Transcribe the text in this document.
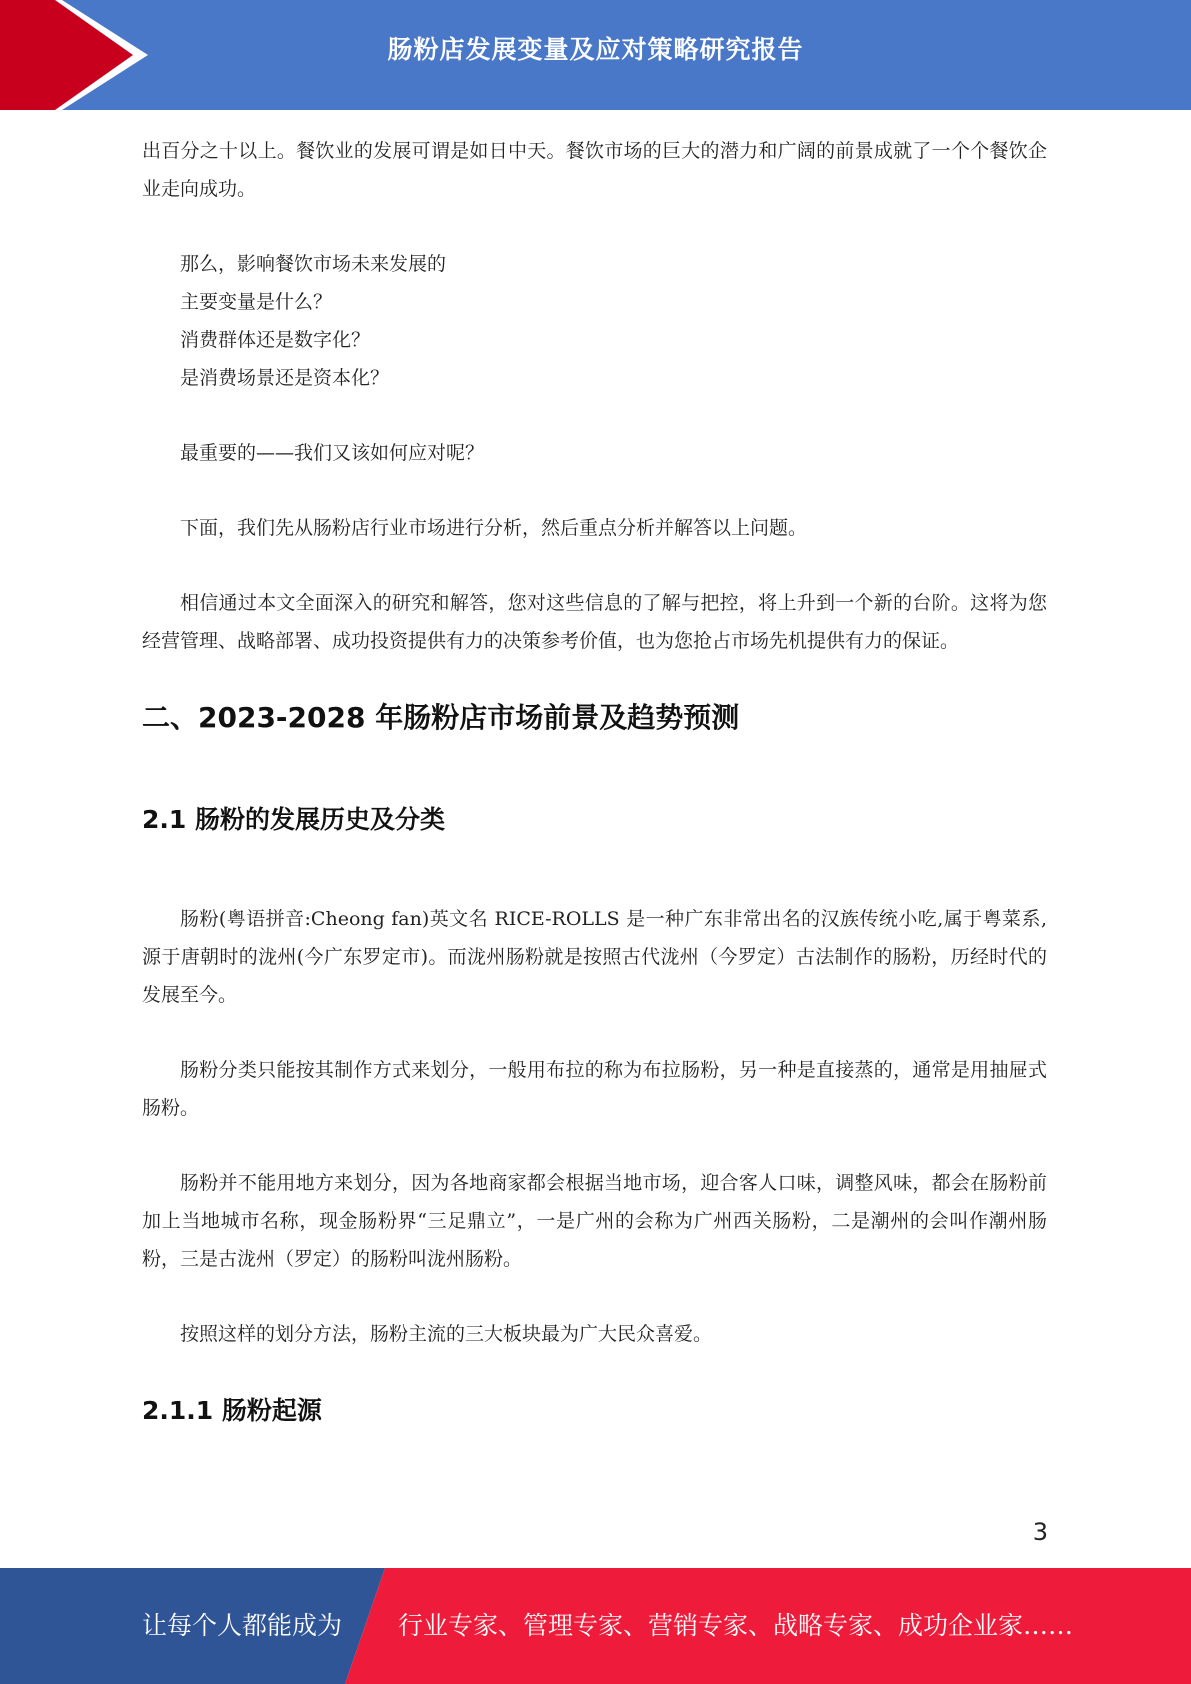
肠粉店发展变量及应对策略研究报告

出百分之十以上。餐饮业的发展可谓是如日中天。餐饮市场的巨大的潜力和广阔的前景成就了一个个餐饮企业走向成功。

那么，影响餐饮市场未来发展的

主要变量是什么？

消费群体还是数字化？

是消费场景还是资本化？

最重要的——我们又该如何应对呢？

下面，我们先从肠粉店行业市场进行分析，然后重点分析并解答以上问题。

相信通过本文全面深入的研究和解答，您对这些信息的了解与把控，将上升到一个新的台阶。这将为您经营管理、战略部署、成功投资提供有力的决策参考价值，也为您抢占市场先机提供有力的保证。

二、2023-2028 年肠粉店市场前景及趋势预测
2.1 肠粉的发展历史及分类

肠粉(粤语拼音:Cheong fan)英文名 RICE-ROLLS 是一种广东非常出名的汉族传统小吃,属于粤菜系,源于唐朝时的泷州(今广东罗定市)。而泷州肠粉就是按照古代泷州（今罗定）古法制作的肠粉，历经时代的发展至今。

肠粉分类只能按其制作方式来划分，一般用布拉的称为布拉肠粉，另一种是直接蒸的，通常是用抽屉式肠粉。

肠粉并不能用地方来划分，因为各地商家都会根据当地市场，迎合客人口味，调整风味，都会在肠粉前加上当地城市名称，现金肠粉界“三足鼎立”，一是广州的会称为广州西关肠粉，二是潮州的会叫作潮州肠粉，三是古泷州（罗定）的肠粉叫泷州肠粉。

按照这样的划分方法，肠粉主流的三大板块最为广大民众喜爱。

2.1.1 肠粉起源
3
让每个人都能成为 行业专家、管理专家、营销专家、战略专家、成功企业家……
